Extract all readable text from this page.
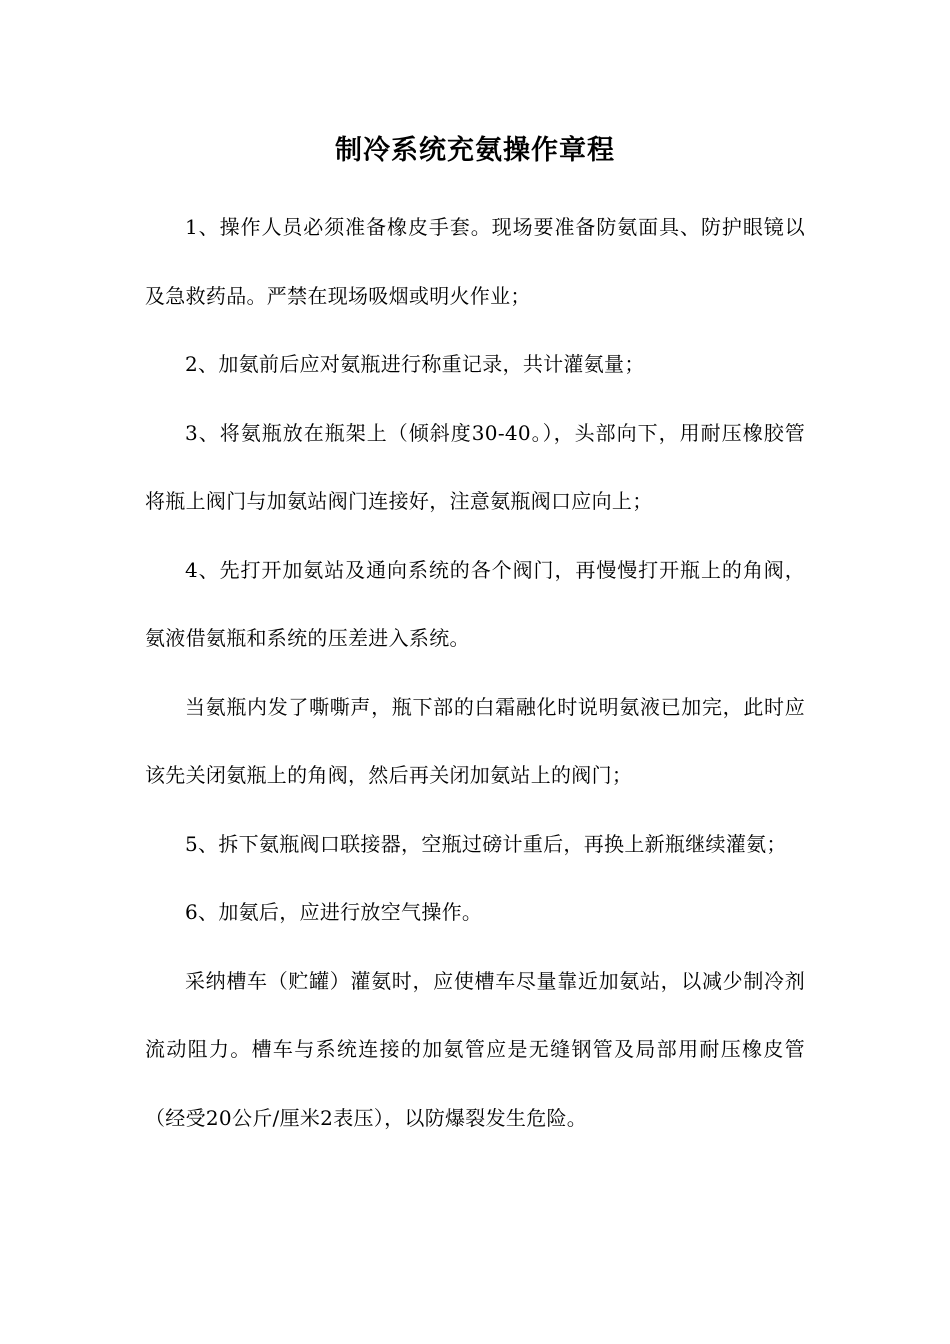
制冷系统充氨操作章程

1、操作人员必须准备橡皮手套。现场要准备防氨面具、防护眼镜以及急救药品。严禁在现场吸烟或明火作业；

2、加氨前后应对氨瓶进行称重记录，共计灌氨量；

3、将氨瓶放在瓶架上（倾斜度30-40。），头部向下，用耐压橡胶管将瓶上阀门与加氨站阀门连接好，注意氨瓶阀口应向上；

4、先打开加氨站及通向系统的各个阀门，再慢慢打开瓶上的角阀，氨液借氨瓶和系统的压差进入系统。

当氨瓶内发了嘶嘶声，瓶下部的白霜融化时说明氨液已加完，此时应该先关闭氨瓶上的角阀，然后再关闭加氨站上的阀门；

5、拆下氨瓶阀口联接器，空瓶过磅计重后，再换上新瓶继续灌氨；

6、加氨后，应进行放空气操作。

采纳槽车（贮罐）灌氨时，应使槽车尽量靠近加氨站，以减少制冷剂流动阻力。槽车与系统连接的加氨管应是无缝钢管及局部用耐压橡皮管（经受20公斤/厘米2表压），以防爆裂发生危险。
